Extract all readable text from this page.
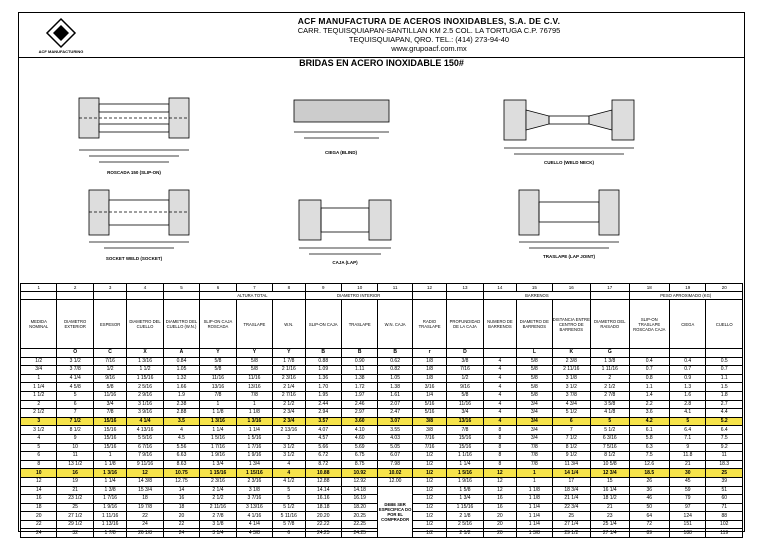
ACF MANUFACTURING
ACF MANUFACTURA DE ACEROS INOXIDABLES, S.A. DE C.V.
CARR. TEQUISQUIAPAN-SANTILLAN KM 2.5 COL. LA TORTUGA C.P. 76795
TEQUISQUIAPAN, QRO. TEL.: (414) 273-94-40
www.grupoacf.com.mx
BRIDAS EN ACERO INOXIDABLE 150#
ROSCADA 150 (SLIP-ON)
CIEGA (BLIND)
CUELLO (WELD NECK)
SOCKET WELD (SOCKET)
CAJA (LAP)
TRASLAPE (LAP JOINT)
1	2	3	4	5	6	7	8	9	10	11	12	13	14	15	16	17	18	19	20
					ALTURA TOTAL			DIAMETRO INTERIOR					BARRENOS				PESO APROXIMADO (KG)		
MEDIDA NOMINAL	DIAMETRO EXTERIOR	ESPESOR	DIAMETRO DEL CUELLO	DIAMETRO DEL CUELLO (W.N.)	SLIP-ON CAJA ROSCADA	TRASLAPE	W.N.	SLIP-ON CAJA	TRASLAPE	W.N. CAJA	RADIO TRASLAPE	PROFUNDIDAD DE LA CAJA	NUMERO DE BARRENOS	DIAMETRO DE BARRENOS	DISTANCIA ENTRE CENTRO DE BARRENOS	DIAMETRO DEL RAISADO	SLIP-ON TRASLAPE ROSCADA CAJA	CIEGA	CUELLO
	O	C	X	A	Y	Y	Y	B	B	B	r	D		L	K	G			
1/2	3 1/2	7/16	1 3/16	0.84	5/8	5/8	1 7/8	0.88	0.90	0.62	1/8	3/8	4	5/8	2 3/8	1 3/8	0.4	0.4	0.5
3/4	3 7/8	1/2	1 1/2	1.05	5/8	5/8	2 1/16	1.09	1.11	0.82	1/8	7/16	4	5/8	2 11/16	1 11/16	0.7	0.7	0.7
1	4 1/4	9/16	1 15/16	1.32	11/16	11/16	2 3/16	1.36	1.38	1.05	1/8	1/2	4	5/8	3 1/8	2	0.8	0.9	1.1
1 1/4	4 5/8	5/8	2 5/16	1.66	13/16	13/16	2 1/4	1.70	1.72	1.38	3/16	9/16	4	5/8	3 1/2	2 1/2	1.1	1.3	1.5
1 1/2	5	11/16	2 9/16	1.9	7/8	7/8	2 7/16	1.95	1.97	1.61	1/4	5/8	4	5/8	3 7/8	2 7/8	1.4	1.6	1.8
2	6	3/4	3 1/16	2.38	1	1	2 1/2	2.44	2.46	2.07	5/16	11/16	4	3/4	4 3/4	3 5/8	2.2	2.8	2.7
2 1/2	7	7/8	3 9/16	2.88	1 1/8	1 1/8	2 3/4	2.94	2.97	2.47	5/16	3/4	4	3/4	5 1/2	4 1/8	3.6	4.1	4.4
3	7 1/2	15/16	4 1/4	3.5	1 3/16	1 3/16	2 3/4	3.57	3.60	3.07	3/8	13/16	4	3/4	6	5	4.2	5	5.2
3 1/2	8 1/2	15/16	4 13/16	4	1 1/4	1 1/4	2 13/16	4.07	4.10	3.55	3/8	7/8	8	3/4	7	5 1/2	6.1	6.4	6.4
4	9	15/16	5 5/16	4.5	1 5/16	1 5/16	3	4.57	4.60	4.03	7/16	15/16	8	3/4	7 1/2	6 3/16	5.8	7.1	7.5
5	10	15/16	6 7/16	5.56	1 7/16	1 7/16	3 1/2	5.66	5.69	5.05	7/16	15/16	8	7/8	8 1/2	7 5/16	6.3	9	9.2
6	11	1	7 9/16	6.63	1 9/16	1 9/16	3 1/2	6.72	6.75	6.07	1/2	1 1/16	8	7/8	9 1/2	8 1/2	7.5	11.8	11
8	13 1/2	1 1/8	9 11/16	8.63	1 3/4	1 3/4	4	8.72	8.75	7.98	1/2	1 1/4	8	7/8	11 3/4	10 5/8	12.6	21	18.3
10	16	1 3/16	12	10.75	1 15/16	1 15/16	4	10.88	10.92	10.02	1/2	1 5/16	12	1	14 1/4	12 3/4	18.5	30	25
12	19	1 1/4	14 3/8	12.75	2 3/16	2 3/16	4 1/2	12.88	12.92	12.00	1/2	1 9/16	12	1	17	15	26	45	39
14	21	1 3/8	15 3/4	14	2 1/4	3 1/8	5	14.14	14.18	DEBE SER ESPECIFICA DO POR EL COMPRADOR	1/2	1 5/8	12	1 1/8	18 3/4	16 1/4	36	59	51
16	23 1/2	1 7/16	18	16	2 1/2	3 7/16	5	16.16	16.19		1/2	1 3/4	16	1 1/8	21 1/4	18 1/2	46	79	60
18	25	1 9/16	19 7/8	18	2 11/16	3 13/16	5 1/2	18.18	18.20		1/2	1 15/16	16	1 1/4	22 3/4	21	50	97	71
20	27 1/2	1 11/16	22	20	2 7/8	4 1/16	5 11/16	20.20	20.25		1/2	2 1/8	20	1 1/4	25	23	64	124	88
22	29 1/2	1 13/16	24	22	3 1/8	4 1/4	5 7/8	22.22	22.25		1/2	2 5/16	20	1 1/4	27 1/4	25 1/4	72	151	102
24	32	1 7/8	26 1/8	24	3 1/4	4 3/8	6	24.25	24.25		1/2	2 1/2	20	1 3/8	29 1/2	27 1/4	89	188	119
